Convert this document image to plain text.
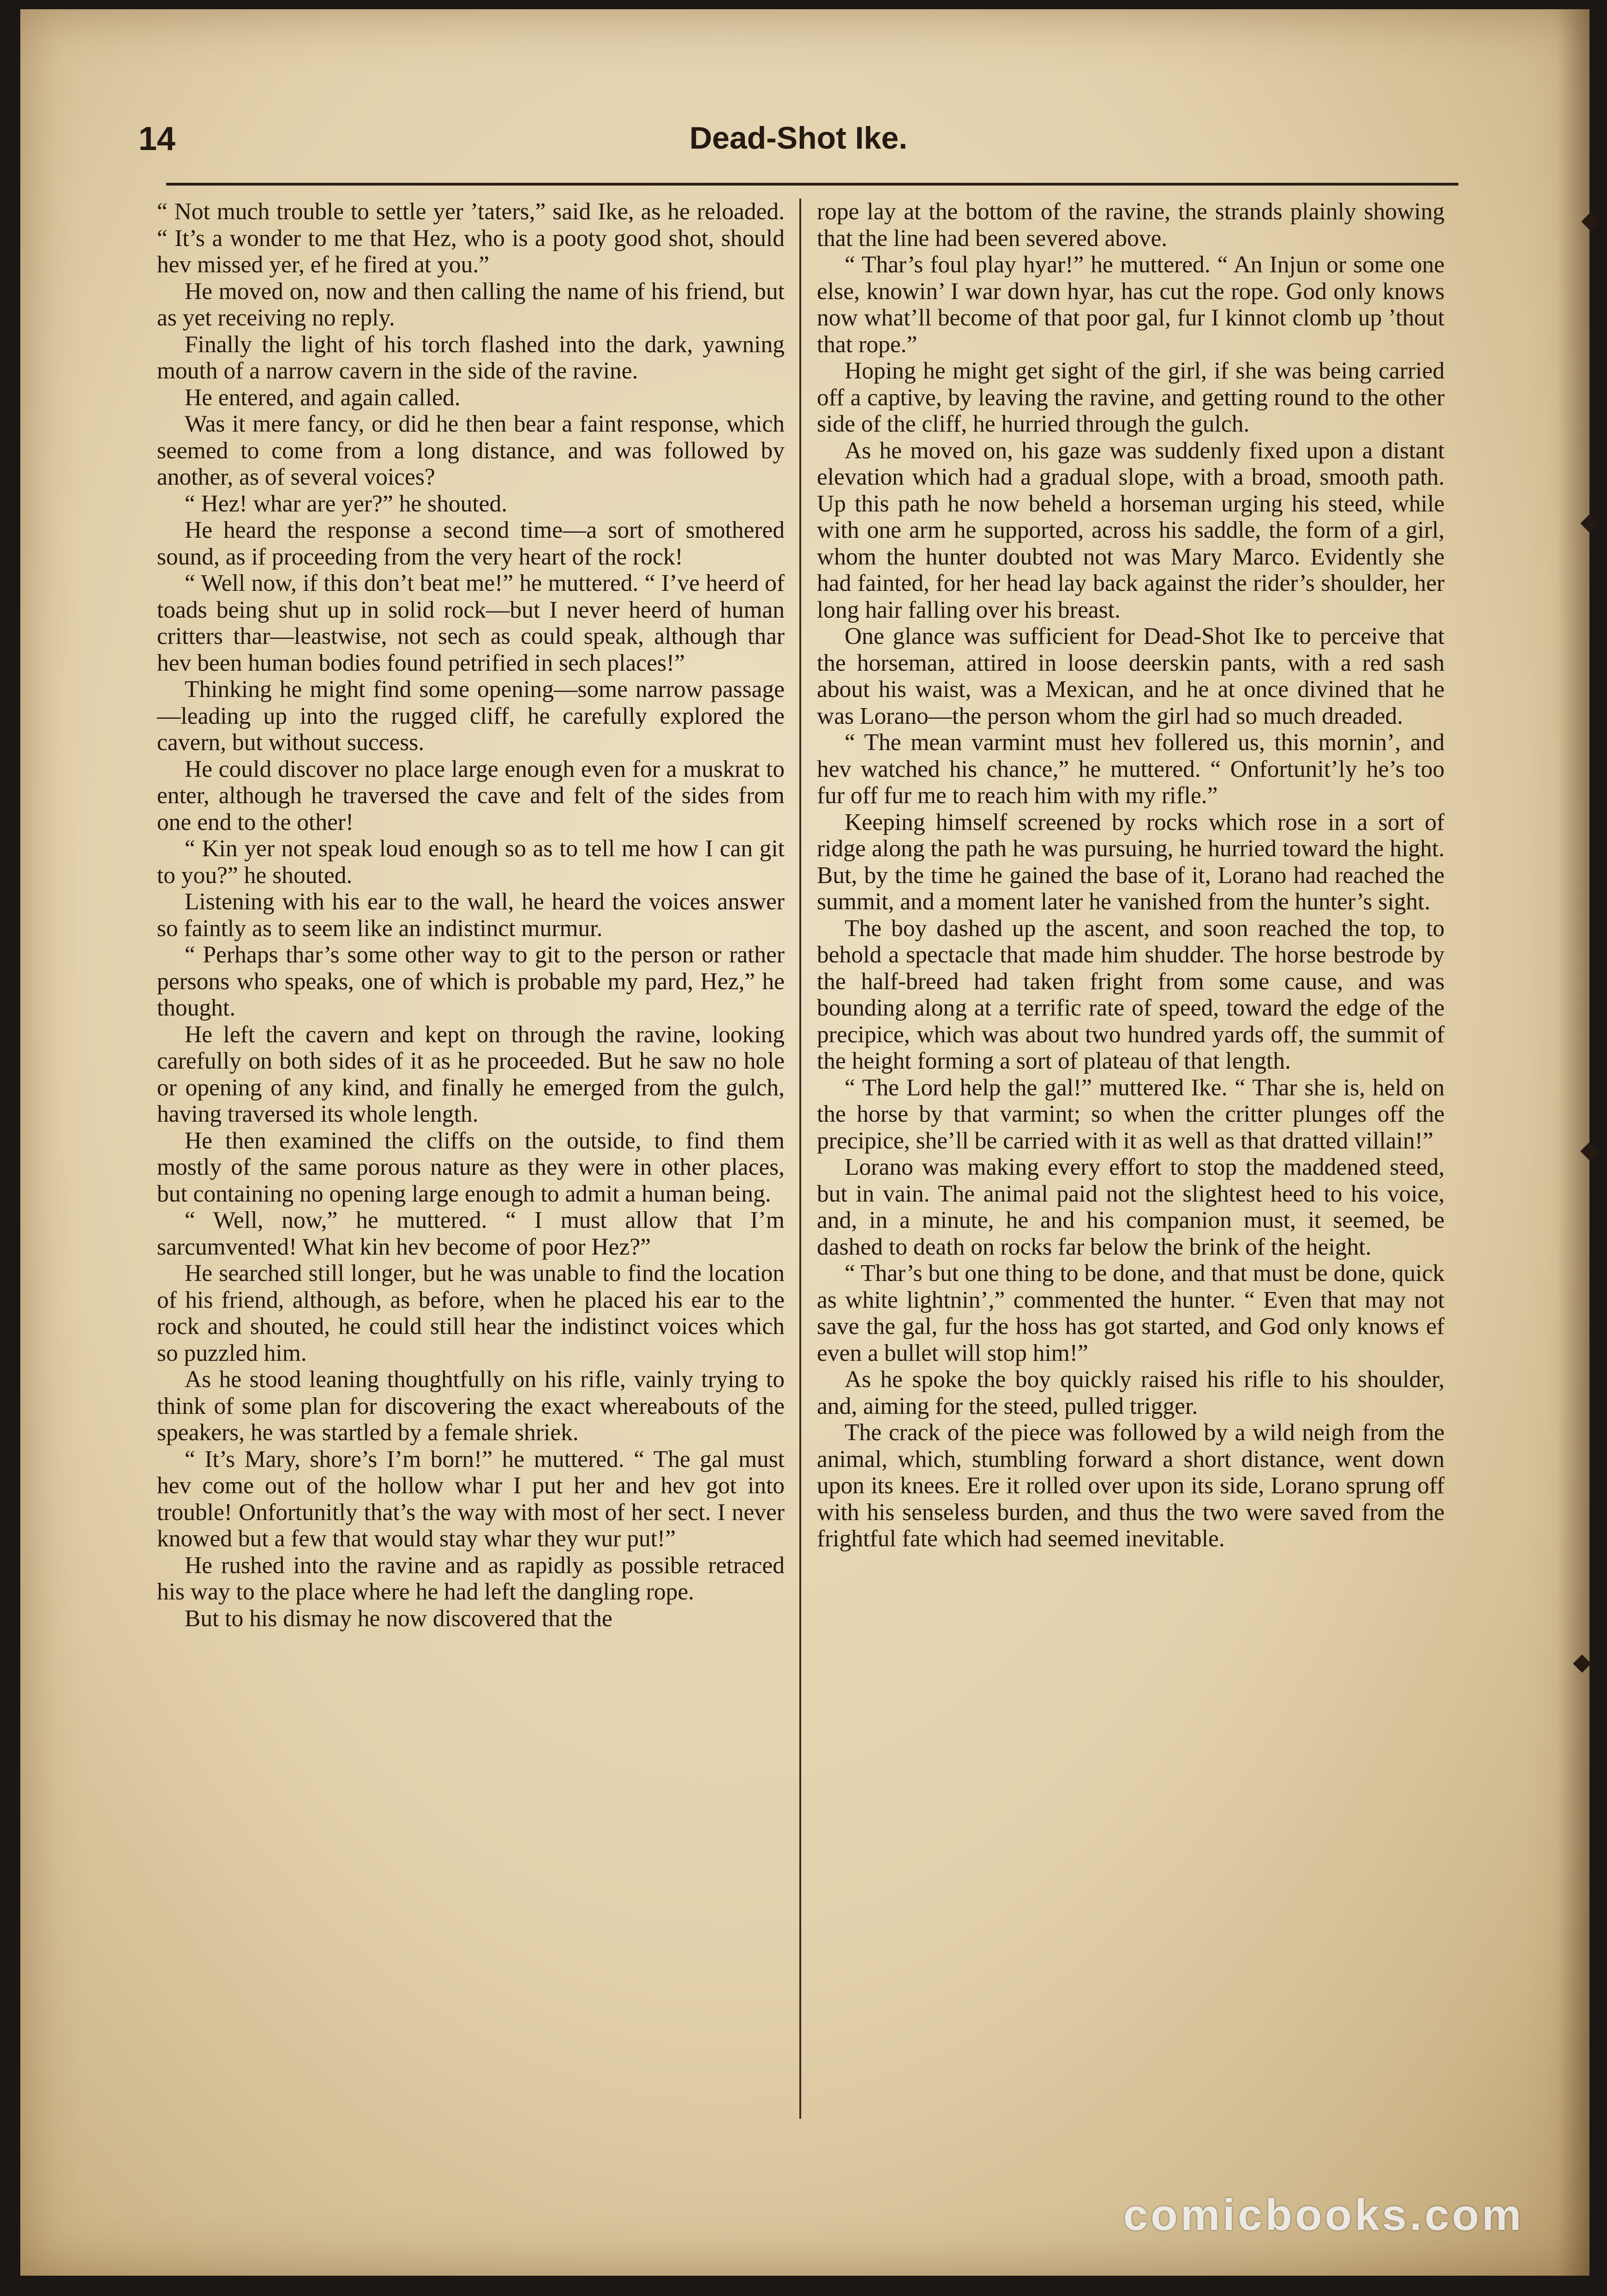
14	Dead-Shot Ike.

“ Not much trouble to settle yer ’taters,” said Ike, as he reloaded. “ It’s a wonder to me that Hez, who is a pooty good shot, should hev missed yer, ef he fired at you.”

He moved on, now and then calling the name of his friend, but as yet receiving no reply.

Finally the light of his torch flashed into the dark, yawning mouth of a narrow cavern in the side of the ravine.

He entered, and again called.

Was it mere fancy, or did he then bear a faint response, which seemed to come from a long distance, and was followed by another, as of several voices?

“ Hez! whar are yer?” he shouted.

He heard the response a second time—a sort of smothered sound, as if proceeding from the very heart of the rock!

“ Well now, if this don’t beat me!” he muttered. “ I’ve heerd of toads being shut up in solid rock—but I never heerd of human critters thar—leastwise, not sech as could speak, although thar hev been human bodies found petrified in sech places!”

Thinking he might find some opening—some narrow passage—leading up into the rugged cliff, he carefully explored the cavern, but without success.

He could discover no place large enough even for a muskrat to enter, although he traversed the cave and felt of the sides from one end to the other!

“ Kin yer not speak loud enough so as to tell me how I can git to you?” he shouted.

Listening with his ear to the wall, he heard the voices answer so faintly as to seem like an indistinct murmur.

“ Perhaps thar’s some other way to git to the person or rather persons who speaks, one of which is probable my pard, Hez,” he thought.

He left the cavern and kept on through the ravine, looking carefully on both sides of it as he proceeded. But he saw no hole or opening of any kind, and finally he emerged from the gulch, having traversed its whole length.

He then examined the cliffs on the outside, to find them mostly of the same porous nature as they were in other places, but containing no opening large enough to admit a human being.

“ Well, now,” he muttered. “ I must allow that I’m sarcumvented! What kin hev become of poor Hez?”

He searched still longer, but he was unable to find the location of his friend, although, as before, when he placed his ear to the rock and shouted, he could still hear the indistinct voices which so puzzled him.

As he stood leaning thoughtfully on his rifle, vainly trying to think of some plan for discovering the exact whereabouts of the speakers, he was startled by a female shriek.

“ It’s Mary, shore’s I’m born!” he muttered. “ The gal must hev come out of the hollow whar I put her and hev got into trouble! Onfortunitly that’s the way with most of her sect. I never knowed but a few that would stay whar they wur put!”

He rushed into the ravine and as rapidly as possible retraced his way to the place where he had left the dangling rope.

But to his dismay he now discovered that the

rope lay at the bottom of the ravine, the strands plainly showing that the line had been severed above.

“ Thar’s foul play hyar!” he muttered. “ An Injun or some one else, knowin’ I war down hyar, has cut the rope. God only knows now what’ll become of that poor gal, fur I kinnot clomb up ’thout that rope.”

Hoping he might get sight of the girl, if she was being carried off a captive, by leaving the ravine, and getting round to the other side of the cliff, he hurried through the gulch.

As he moved on, his gaze was suddenly fixed upon a distant elevation which had a gradual slope, with a broad, smooth path. Up this path he now beheld a horseman urging his steed, while with one arm he supported, across his saddle, the form of a girl, whom the hunter doubted not was Mary Marco. Evidently she had fainted, for her head lay back against the rider’s shoulder, her long hair falling over his breast.

One glance was sufficient for Dead-Shot Ike to perceive that the horseman, attired in loose deerskin pants, with a red sash about his waist, was a Mexican, and he at once divined that he was Lorano—the person whom the girl had so much dreaded.

“ The mean varmint must hev follered us, this mornin’, and hev watched his chance,” he muttered. “ Onfortunit’ly he’s too fur off fur me to reach him with my rifle.”

Keeping himself screened by rocks which rose in a sort of ridge along the path he was pursuing, he hurried toward the hight. But, by the time he gained the base of it, Lorano had reached the summit, and a moment later he vanished from the hunter’s sight.

The boy dashed up the ascent, and soon reached the top, to behold a spectacle that made him shudder. The horse bestrode by the half-breed had taken fright from some cause, and was bounding along at a terrific rate of speed, toward the edge of the precipice, which was about two hundred yards off, the summit of the height forming a sort of plateau of that length.

“ The Lord help the gal!” muttered Ike. “ Thar she is, held on the horse by that varmint; so when the critter plunges off the precipice, she’ll be carried with it as well as that dratted villain!”

Lorano was making every effort to stop the maddened steed, but in vain. The animal paid not the slightest heed to his voice, and, in a minute, he and his companion must, it seemed, be dashed to death on rocks far below the brink of the height.

“ Thar’s but one thing to be done, and that must be done, quick as white lightnin’,” commented the hunter. “ Even that may not save the gal, fur the hoss has got started, and God only knows ef even a bullet will stop him!”

As he spoke the boy quickly raised his rifle to his shoulder, and, aiming for the steed, pulled trigger.

The crack of the piece was followed by a wild neigh from the animal, which, stumbling forward a short distance, went down upon its knees. Ere it rolled over upon its side, Lorano sprung off with his senseless burden, and thus the two were saved from the frightful fate which had seemed inevitable.

comicbooks.com
